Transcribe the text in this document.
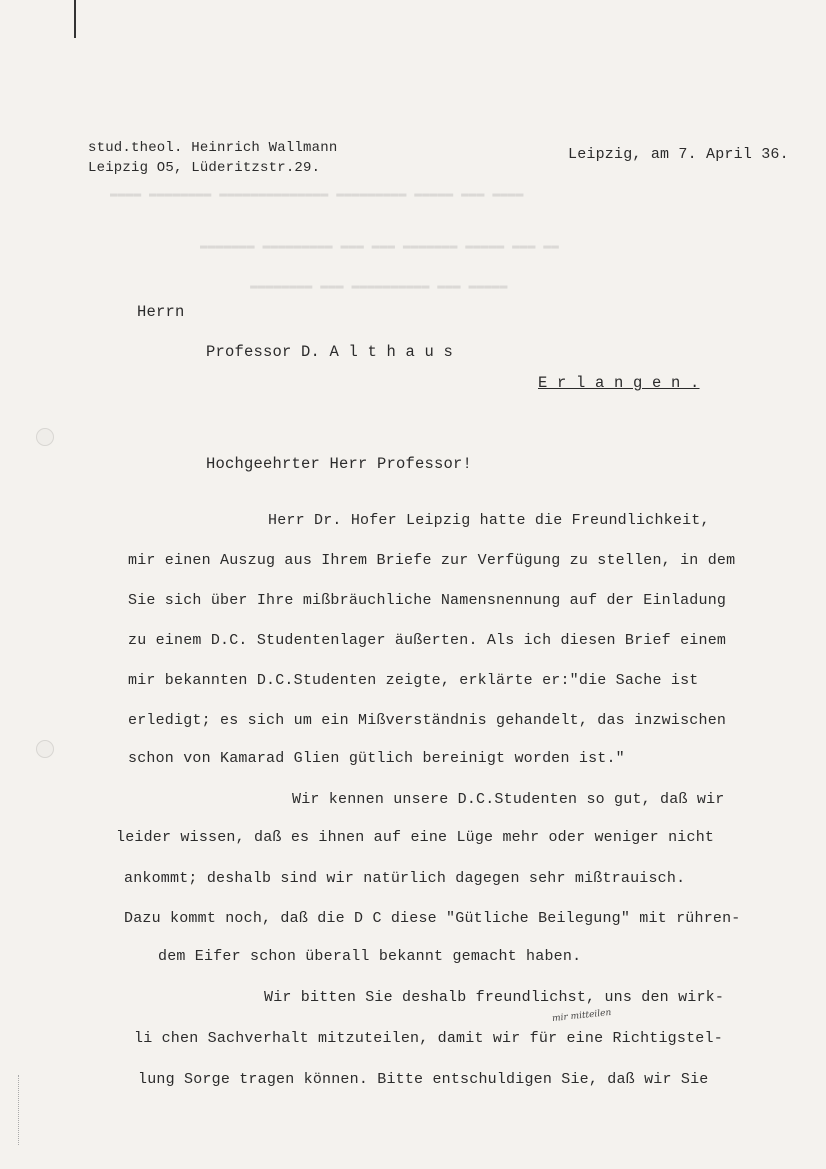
▬▬▬▬ ▬▬▬ ▬▬▬▬▬ ▬▬▬▬▬▬▬▬▬ ▬▬▬▬▬▬▬▬▬▬▬▬▬▬ ▬▬▬▬▬▬▬▬ ▬▬▬▬
▬▬ ▬▬▬ ▬▬▬▬▬ ▬▬▬▬▬▬▬ ▬▬▬ ▬▬▬ ▬▬▬▬▬▬▬▬▬ ▬▬▬▬▬▬▬
▬▬▬▬▬ ▬▬▬ ▬▬▬▬▬▬▬▬▬▬ ▬▬▬ ▬▬▬▬▬▬▬▬
stud.theol. Heinrich Wallmann
Leipzig O5, Lüderitzstr.29.
Leipzig, am 7. April 36.
Herrn
Professor D. A l t h a u s
E r l a n g e n .
Hochgeehrter Herr Professor!
Herr Dr. Hofer Leipzig hatte die Freundlichkeit,
mir einen Auszug aus Ihrem Briefe zur Verfügung zu stellen, in dem
Sie sich über Ihre mißbräuchliche Namensnennung auf der Einladung
zu einem D.C. Studentenlager äußerten. Als ich diesen Brief einem
mir bekannten D.C.Studenten zeigte, erklärte er:"die Sache ist
erledigt; es sich um ein Mißverständnis gehandelt, das inzwischen
schon von Kamarad Glien gütlich bereinigt worden ist."
Wir kennen unsere D.C.Studenten so gut, daß wir
leider wissen, daß es ihnen auf eine Lüge mehr oder weniger nicht
ankommt; deshalb sind wir natürlich dagegen sehr mißtrauisch.
Dazu kommt noch, daß die D C diese "Gütliche Beilegung" mit rühren-
dem Eifer schon überall bekannt gemacht haben.
Wir bitten Sie deshalb freundlichst, uns den wirk-
li chen Sachverhalt mitzuteilen, damit wir für eine Richtigstel-
lung Sorge tragen können. Bitte entschuldigen Sie, daß wir Sie
mir mitteilen
